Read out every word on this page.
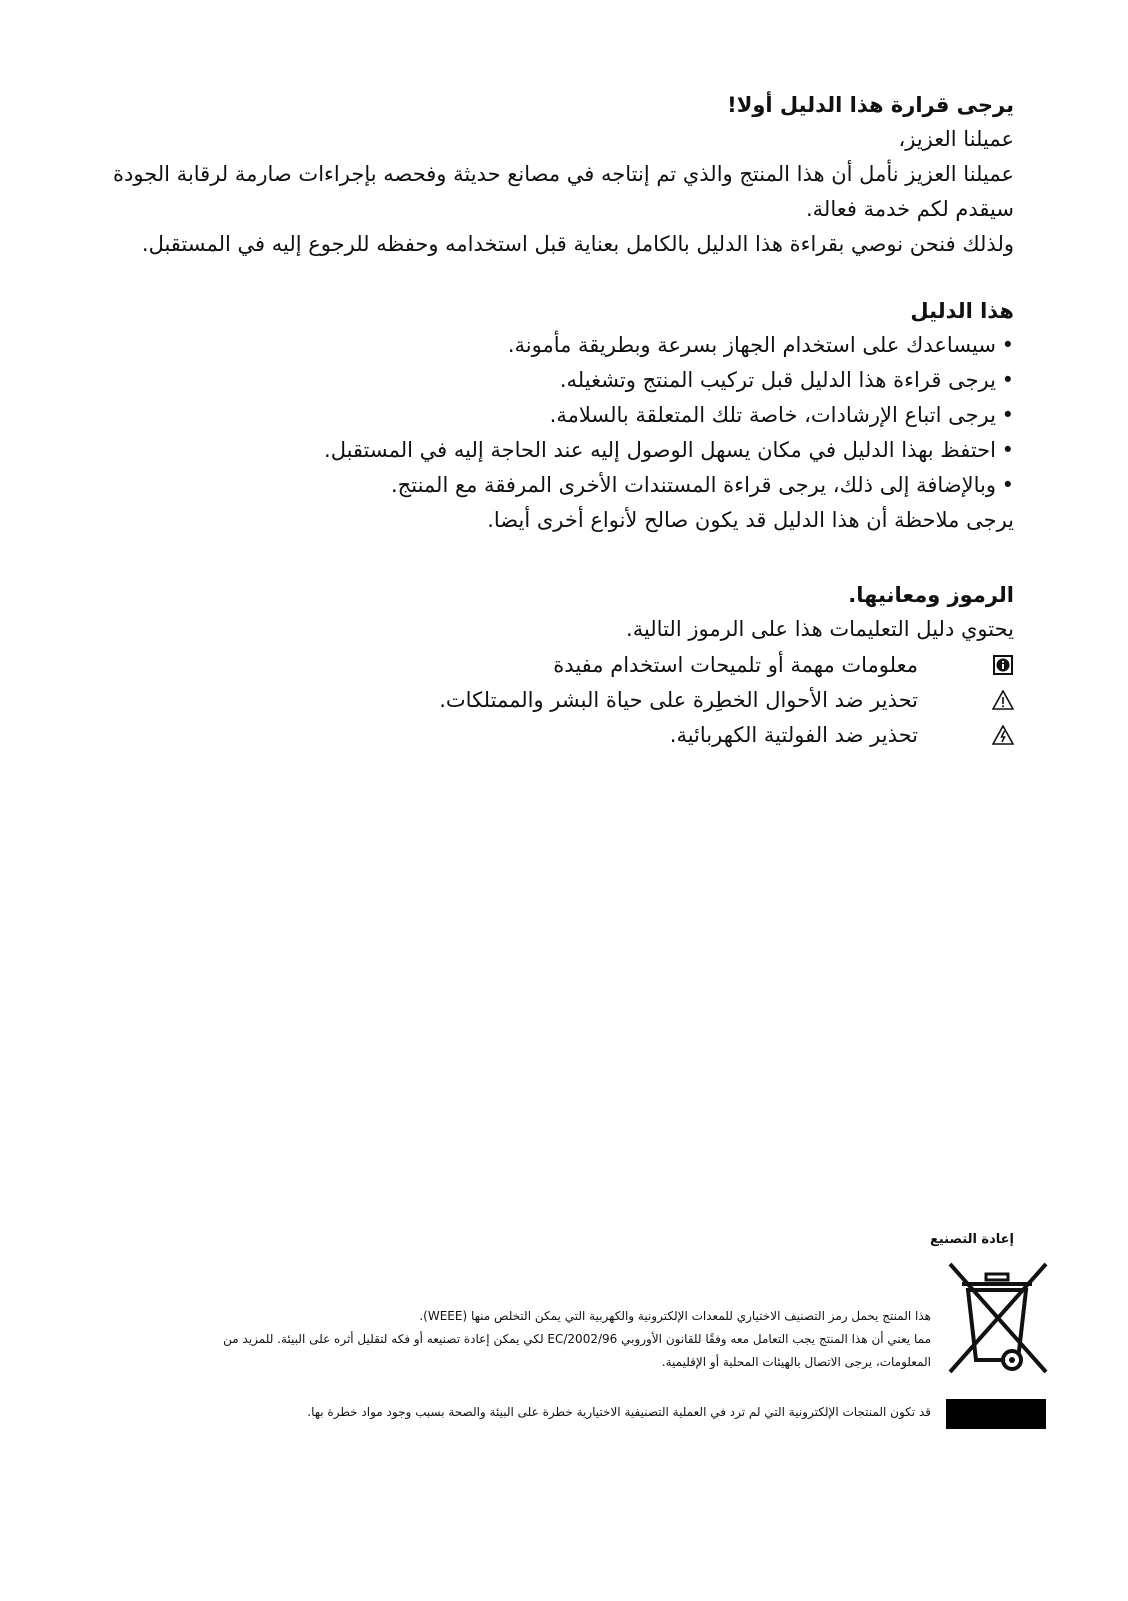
يرجى قرارة هذا الدليل أولا!

عميلنا العزيز،

عميلنا العزيز نأمل أن هذا المنتج والذي تم إنتاجه في مصانع حديثة وفحصه بإجراءات صارمة لرقابة الجودة

سيقدم لكم خدمة فعالة.

ولذلك فنحن نوصي بقراءة هذا الدليل بالكامل بعناية قبل استخدامه وحفظه للرجوع إليه في المستقبل.

هذا الدليل

• سيساعدك على استخدام الجهاز بسرعة وبطريقة مأمونة.
• يرجى قراءة هذا الدليل قبل تركيب المنتج وتشغيله.
• يرجى اتباع الإرشادات، خاصة تلك المتعلقة بالسلامة.
• احتفظ بهذا الدليل في مكان يسهل الوصول إليه عند الحاجة إليه في المستقبل.
• وبالإضافة إلى ذلك، يرجى قراءة المستندات الأخرى المرفقة مع المنتج.

يرجى ملاحظة أن هذا الدليل قد يكون صالح لأنواع أخرى أيضا.

الرموز ومعانيها.

يحتوي دليل التعليمات هذا على الرموز التالية.

معلومات مهمة أو تلميحات استخدام مفيدة
تحذير ضد الأحوال الخطِرة على حياة البشر والممتلكات.
تحذير ضد الفولتية الكهربائية.
إعادة التصنيع
هذا المنتج يحمل رمز التصنيف الاختياري للمعدات الإلكترونية والكهربية التي يمكن التخلص منها (WEEE).
مما يعني أن هذا المنتج يجب التعامل معه وفقًا للقانون الأوروبي EC/2002/96 لكي يمكن إعادة تصنيعه أو فكه لتقليل أثره على البيئة. للمزيد من
المعلومات، يرجى الاتصال بالهيئات المحلية أو الإقليمية.
قد تكون المنتجات الإلكترونية التي لم ترد في العملية التصنيفية الاختيارية خطرة على البيئة والصحة بسبب وجود مواد خطرة بها.
